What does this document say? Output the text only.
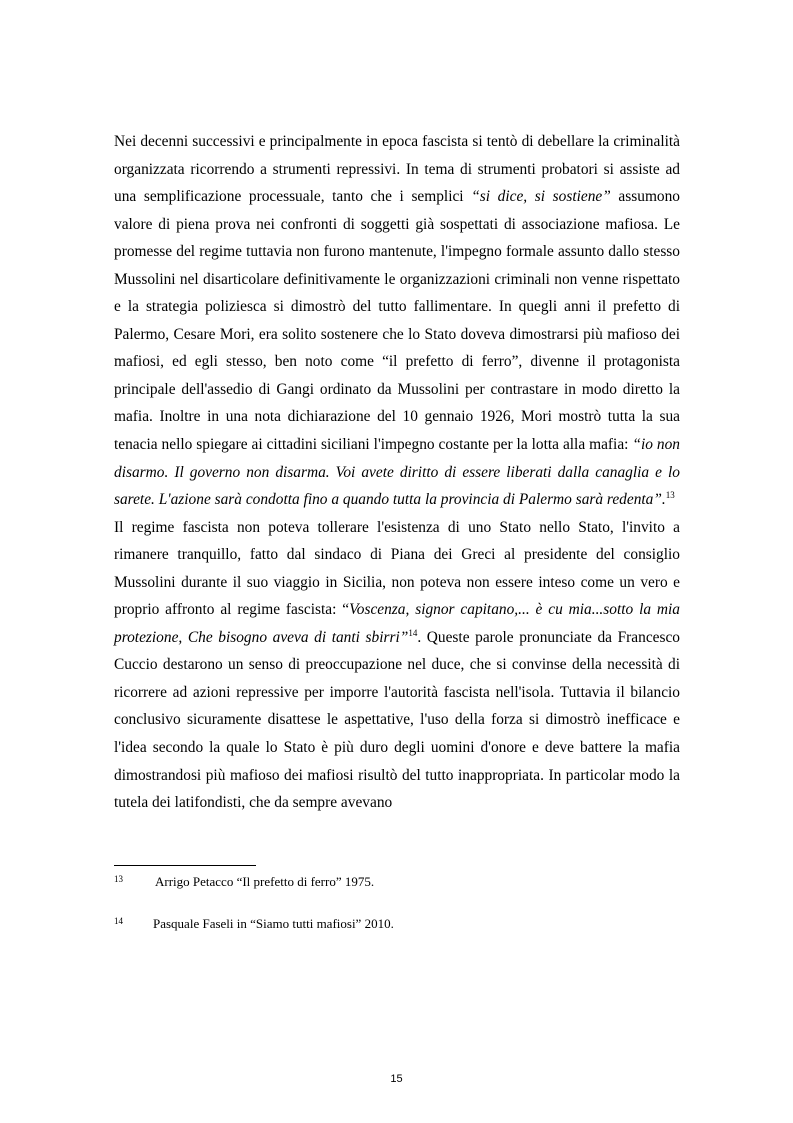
Nei decenni successivi e principalmente in epoca fascista si tentò di debellare la criminalità organizzata ricorrendo a strumenti repressivi. In tema di strumenti probatori si assiste ad una semplificazione processuale, tanto che i semplici “si dice, si sostiene” assumono valore di piena prova nei confronti di soggetti già sospettati di associazione mafiosa. Le promesse del regime tuttavia non furono mantenute, l'impegno formale assunto dallo stesso Mussolini nel disarticolare definitivamente le organizzazioni criminali non venne rispettato e la strategia poliziesca si dimostrò del tutto fallimentare. In quegli anni il prefetto di Palermo, Cesare Mori, era solito sostenere che lo Stato doveva dimostrarsi più mafioso dei mafiosi, ed egli stesso, ben noto come “il prefetto di ferro”, divenne il protagonista principale dell'assedio di Gangi ordinato da Mussolini per contrastare in modo diretto la mafia. Inoltre in una nota dichiarazione del 10 gennaio 1926, Mori mostrò tutta la sua tenacia nello spiegare ai cittadini siciliani l'impegno costante per la lotta alla mafia: “io non disarmo. Il governo non disarma. Voi avete diritto di essere liberati dalla canaglia e lo sarete. L'azione sarà condotta fino a quando tutta la provincia di Palermo sarà redenta”.$^{13}$

Il regime fascista non poteva tollerare l'esistenza di uno Stato nello Stato, l'invito a rimanere tranquillo, fatto dal sindaco di Piana dei Greci al presidente del consiglio Mussolini durante il suo viaggio in Sicilia, non poteva non essere inteso come un vero e proprio affronto al regime fascista: “Voscenza, signor capitano,... è cu mia...sotto la mia protezione, Che bisogno aveva di tanti sbirri”$^{14}$. Queste parole pronunciate da Francesco Cuccio destarono un senso di preoccupazione nel duce, che si convinse della necessità di ricorrere ad azioni repressive per imporre l'autorità fascista nell'isola. Tuttavia il bilancio conclusivo sicuramente disattese le aspettative, l'uso della forza si dimostrò inefficace e l'idea secondo la quale lo Stato è più duro degli uomini d'onore e deve battere la mafia dimostrandosi più mafioso dei mafiosi risultò del tutto inappropriata. In particolar modo la tutela dei latifondisti, che da sempre avevano

13 Arrigo Petacco “Il prefetto di ferro” 1975.
14 Pasquale Faseli in “Siamo tutti mafiosi” 2010.
15
